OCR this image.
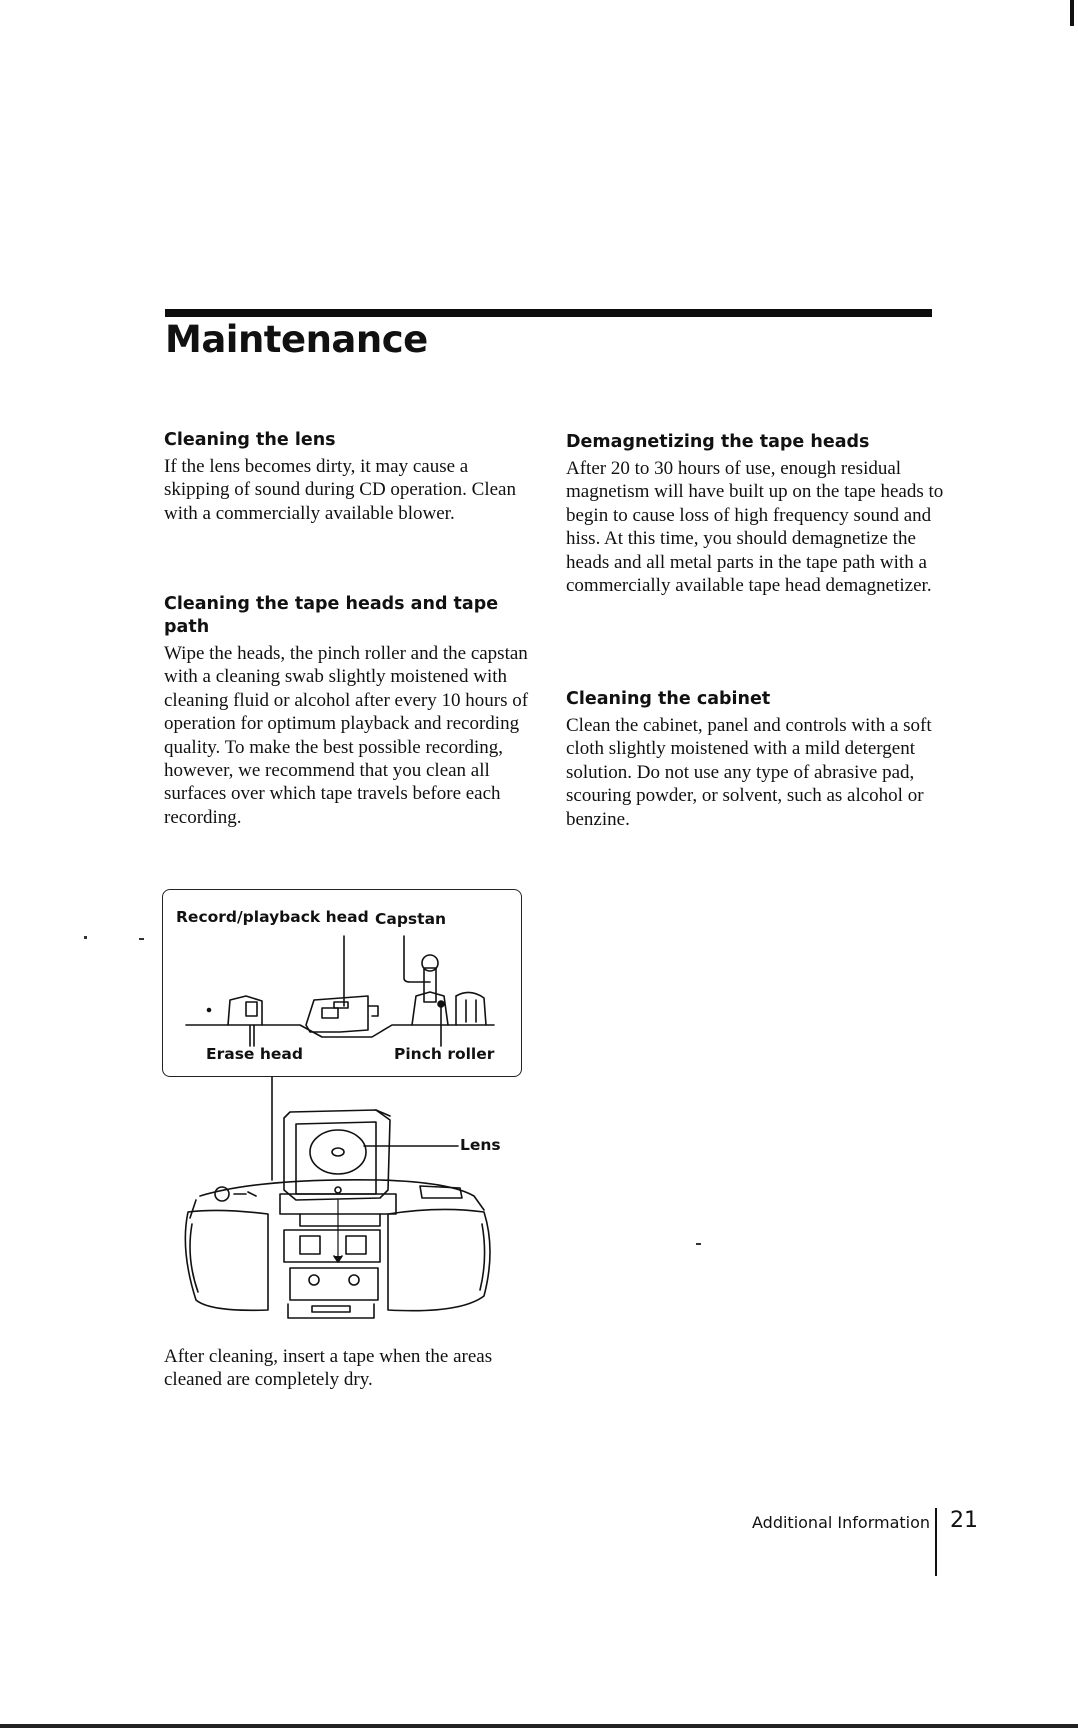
Maintenance
Cleaning the lens

If the lens becomes dirty, it may cause a skipping of sound during CD operation. Clean with a commercially available blower.

Cleaning the tape heads and tape path

Wipe the heads, the pinch roller and the capstan with a cleaning swab slightly moistened with cleaning fluid or alcohol after every 10 hours of operation for optimum playback and recording quality. To make the best possible recording, however, we recommend that you clean all surfaces over which tape travels before each recording.

Demagnetizing the tape heads

After 20 to 30 hours of use, enough residual magnetism will have built up on the tape heads to begin to cause loss of high frequency sound and hiss. At this time, you should demagnetize the heads and all metal parts in the tape path with a commercially available tape head demagnetizer.

Cleaning the cabinet

Clean the cabinet, panel and controls with a soft cloth slightly moistened with a mild detergent solution. Do not use any type of abrasive pad, scouring powder, or solvent, such as alcohol or benzine.

Record/playback head Capstan
Erase head	Pinch roller
Lens

After cleaning, insert a tape when the areas cleaned are completely dry.

Additional Information 21
